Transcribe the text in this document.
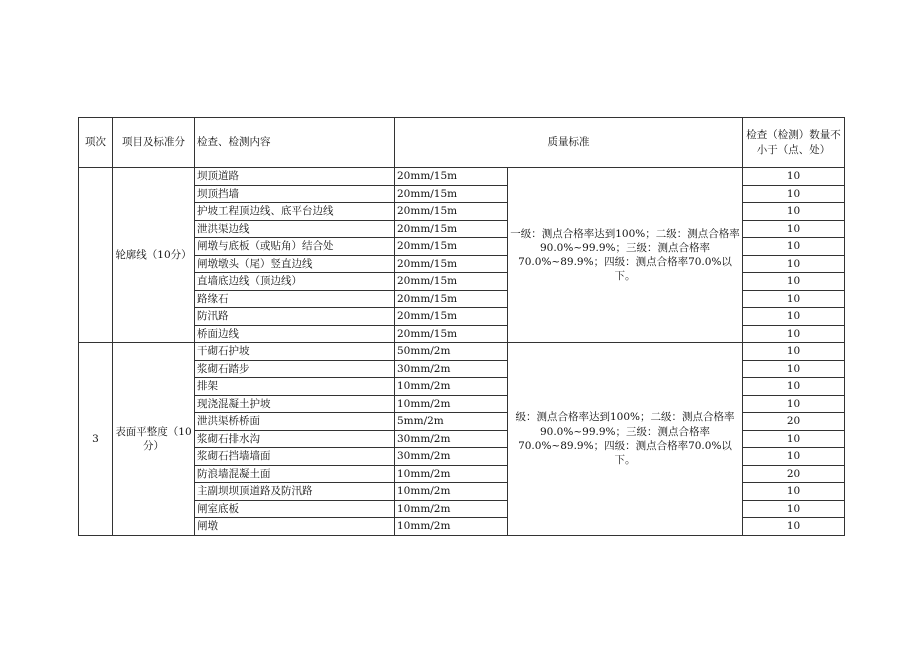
项次	项目及标准分	检查、检测内容	质量标准		检查（检测）数量不小于（点、处）
	轮廓线（10分）	坝顶道路	20mm/15m	一级：测点合格率达到100%；二级：测点合格率90.0%~99.9%；三级：测点合格率70.0%~89.9%；四级：测点合格率70.0%以下。	10
		坝顶挡墙	20mm/15m		10
		护坡工程顶边线、底平台边线	20mm/15m		10
		泄洪渠边线	20mm/15m		10
		闸墩与底板（或贴角）结合处	20mm/15m		10
		闸墩墩头（尾）竖直边线	20mm/15m		10
		直墙底边线（顶边线）	20mm/15m		10
		路缘石	20mm/15m		10
		防汛路	20mm/15m		10
		桥面边线	20mm/15m		10
3	表面平整度（10分）	干砌石护坡	50mm/2m	级：测点合格率达到100%；二级：测点合格率90.0%~99.9%；三级：测点合格率70.0%~89.9%；四级：测点合格率70.0%以下。	10
		浆砌石踏步	30mm/2m		10
		排架	10mm/2m		10
		现浇混凝土护坡	10mm/2m		10
		泄洪渠桥桥面	5mm/2m		20
		浆砌石排水沟	30mm/2m		10
		浆砌石挡墙墙面	30mm/2m		10
		防浪墙混凝土面	10mm/2m		20
		主副坝坝顶道路及防汛路	10mm/2m		10
		闸室底板	10mm/2m		10
		闸墩	10mm/2m		10
